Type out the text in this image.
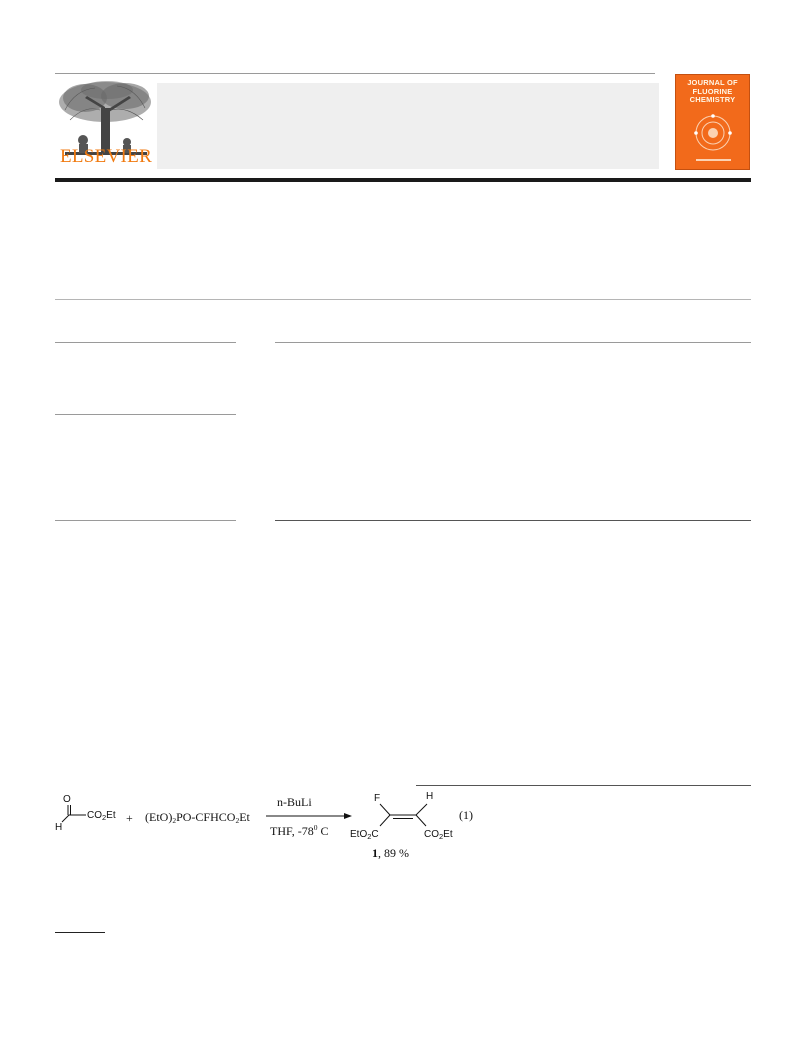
ELSEVIER
JOURNAL OF
FLUORINE
CHEMISTRY
O
H
$CO_2Et$ + $(EtO)_2PO-CFHCO_2Et$
n-BuLi
THF, $-78^0$ C
F	H
EtO$_2$C	$CO_2Et$
1, 89 %
(1)
